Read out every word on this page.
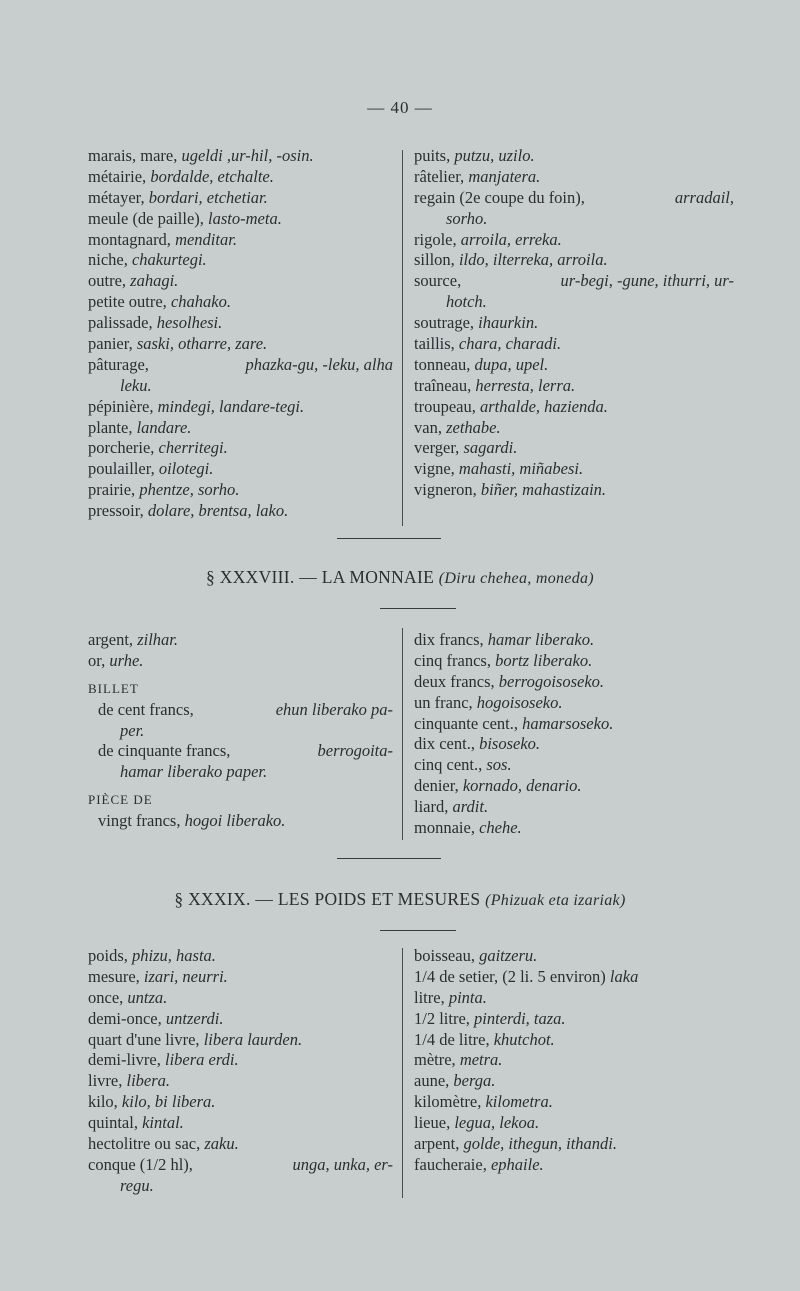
— 40 —
marais, mare, ugeldi ,ur-hil, -osin.
métairie, bordalde, etchalte.
métayer, bordari, etchetiar.
meule (de paille), lasto-meta.
montagnard, menditar.
niche, chakurtegi.
outre, zahagi.
petite outre, chahako.
palissade, hesolhesi.
panier, saski, otharre, zare.
pâturage,	phazka-gu, -leku, alha
leku.
pépinière, mindegi, landare-tegi.
plante, landare.
porcherie, cherritegi.
poulailler, oilotegi.
prairie, phentze, sorho.
pressoir, dolare, brentsa, lako.
puits, putzu, uzilo.
râtelier, manjatera.
regain (2e coupe du foin),	arradail,
sorho.
rigole, arroila, erreka.
sillon, ildo, ilterreka, arroila.
source,	ur-begi, -gune, ithurri, ur-
hotch.
soutrage, ihaurkin.
taillis, chara, charadi.
tonneau, dupa, upel.
traîneau, herresta, lerra.
troupeau, arthalde, hazienda.
van, zethabe.
verger, sagardi.
vigne, mahasti, miñabesi.
vigneron, biñer, mahastizain.
§ XXXVIII. — LA MONNAIE (Diru chehea, moneda)
argent, zilhar.
or, urhe.
BILLET
de cent francs,	ehun liberako pa-
per.
de cinquante francs,	berrogoita-
hamar liberako paper.
PIÈCE DE
vingt francs, hogoi liberako.
dix francs, hamar liberako.
cinq francs, bortz liberako.
deux francs, berrogoisoseko.
un franc, hogoisoseko.
cinquante cent., hamarsoseko.
dix cent., bisoseko.
cinq cent., sos.
denier, kornado, denario.
liard, ardit.
monnaie, chehe.
§ XXXIX. — LES POIDS ET MESURES (Phizuak eta izariak)
poids, phizu, hasta.
mesure, izari, neurri.
once, untza.
demi-once, untzerdi.
quart d'une livre, libera laurden.
demi-livre, libera erdi.
livre, libera.
kilo, kilo, bi libera.
quintal, kintal.
hectolitre ou sac, zaku.
conque (1/2 hl),	unga, unka, er-
regu.
boisseau, gaitzeru.
1/4 de setier, (2 li. 5 environ) laka
litre, pinta.
1/2 litre, pinterdi, taza.
1/4 de litre, khutchot.
mètre, metra.
aune, berga.
kilomètre, kilometra.
lieue, legua, lekoa.
arpent, golde, ithegun, ithandi.
faucheraie, ephaile.
